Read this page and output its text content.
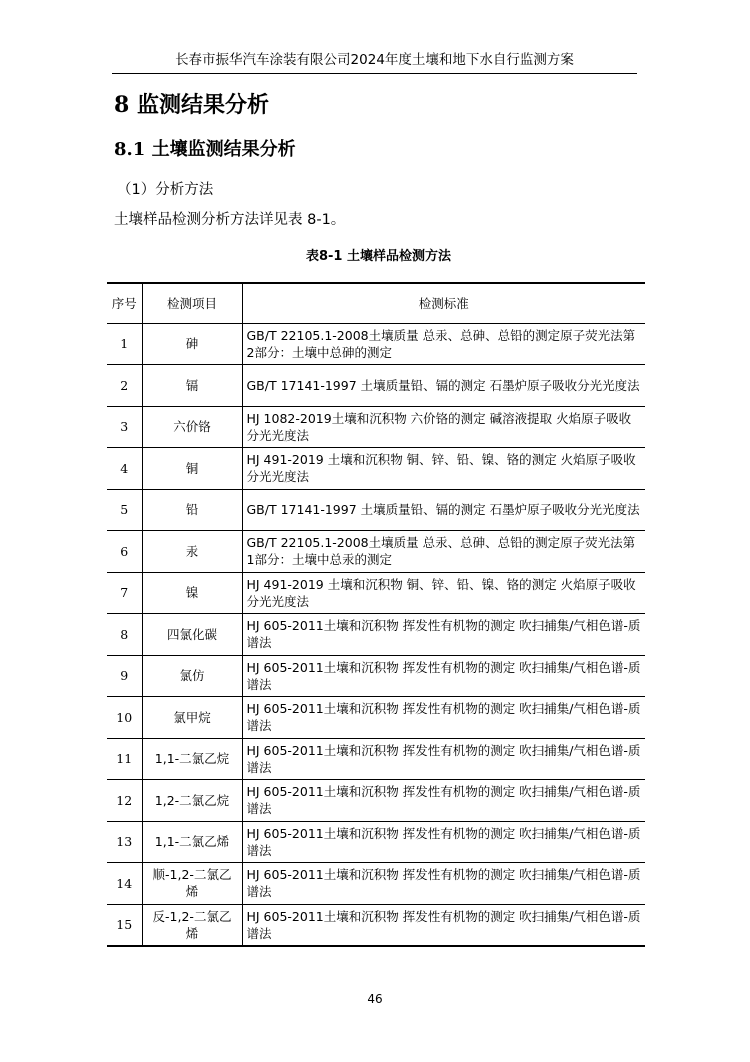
长春市振华汽车涂装有限公司2024年度土壤和地下水自行监测方案
8 监测结果分析
8.1 土壤监测结果分析
（1）分析方法
土壤样品检测分析方法详见表 8-1。
表8-1 土壤样品检测方法
序号	检测项目	检测标准
1	砷	GB/T 22105.1-2008土壤质量 总汞、总砷、总铅的测定原子荧光法第2部分：土壤中总砷的测定
2	镉	GB/T 17141-1997 土壤质量铅、镉的测定 石墨炉原子吸收分光光度法
3	六价铬	HJ 1082-2019土壤和沉积物 六价铬的测定 碱溶液提取 火焰原子吸收分光光度法
4	铜	HJ 491-2019 土壤和沉积物 铜、锌、铅、镍、铬的测定 火焰原子吸收分光光度法
5	铅	GB/T 17141-1997 土壤质量铅、镉的测定 石墨炉原子吸收分光光度法
6	汞	GB/T 22105.1-2008土壤质量 总汞、总砷、总铅的测定原子荧光法第1部分：土壤中总汞的测定
7	镍	HJ 491-2019 土壤和沉积物 铜、锌、铅、镍、铬的测定 火焰原子吸收分光光度法
8	四氯化碳	HJ 605-2011土壤和沉积物 挥发性有机物的测定 吹扫捕集/气相色谱-质谱法
9	氯仿	HJ 605-2011土壤和沉积物 挥发性有机物的测定 吹扫捕集/气相色谱-质谱法
10	氯甲烷	HJ 605-2011土壤和沉积物 挥发性有机物的测定 吹扫捕集/气相色谱-质谱法
11	1,1-二氯乙烷	HJ 605-2011土壤和沉积物 挥发性有机物的测定 吹扫捕集/气相色谱-质谱法
12	1,2-二氯乙烷	HJ 605-2011土壤和沉积物 挥发性有机物的测定 吹扫捕集/气相色谱-质谱法
13	1,1-二氯乙烯	HJ 605-2011土壤和沉积物 挥发性有机物的测定 吹扫捕集/气相色谱-质谱法
14	顺-1,2-二氯乙烯	HJ 605-2011土壤和沉积物 挥发性有机物的测定 吹扫捕集/气相色谱-质谱法
15	反-1,2-二氯乙烯	HJ 605-2011土壤和沉积物 挥发性有机物的测定 吹扫捕集/气相色谱-质谱法
46
